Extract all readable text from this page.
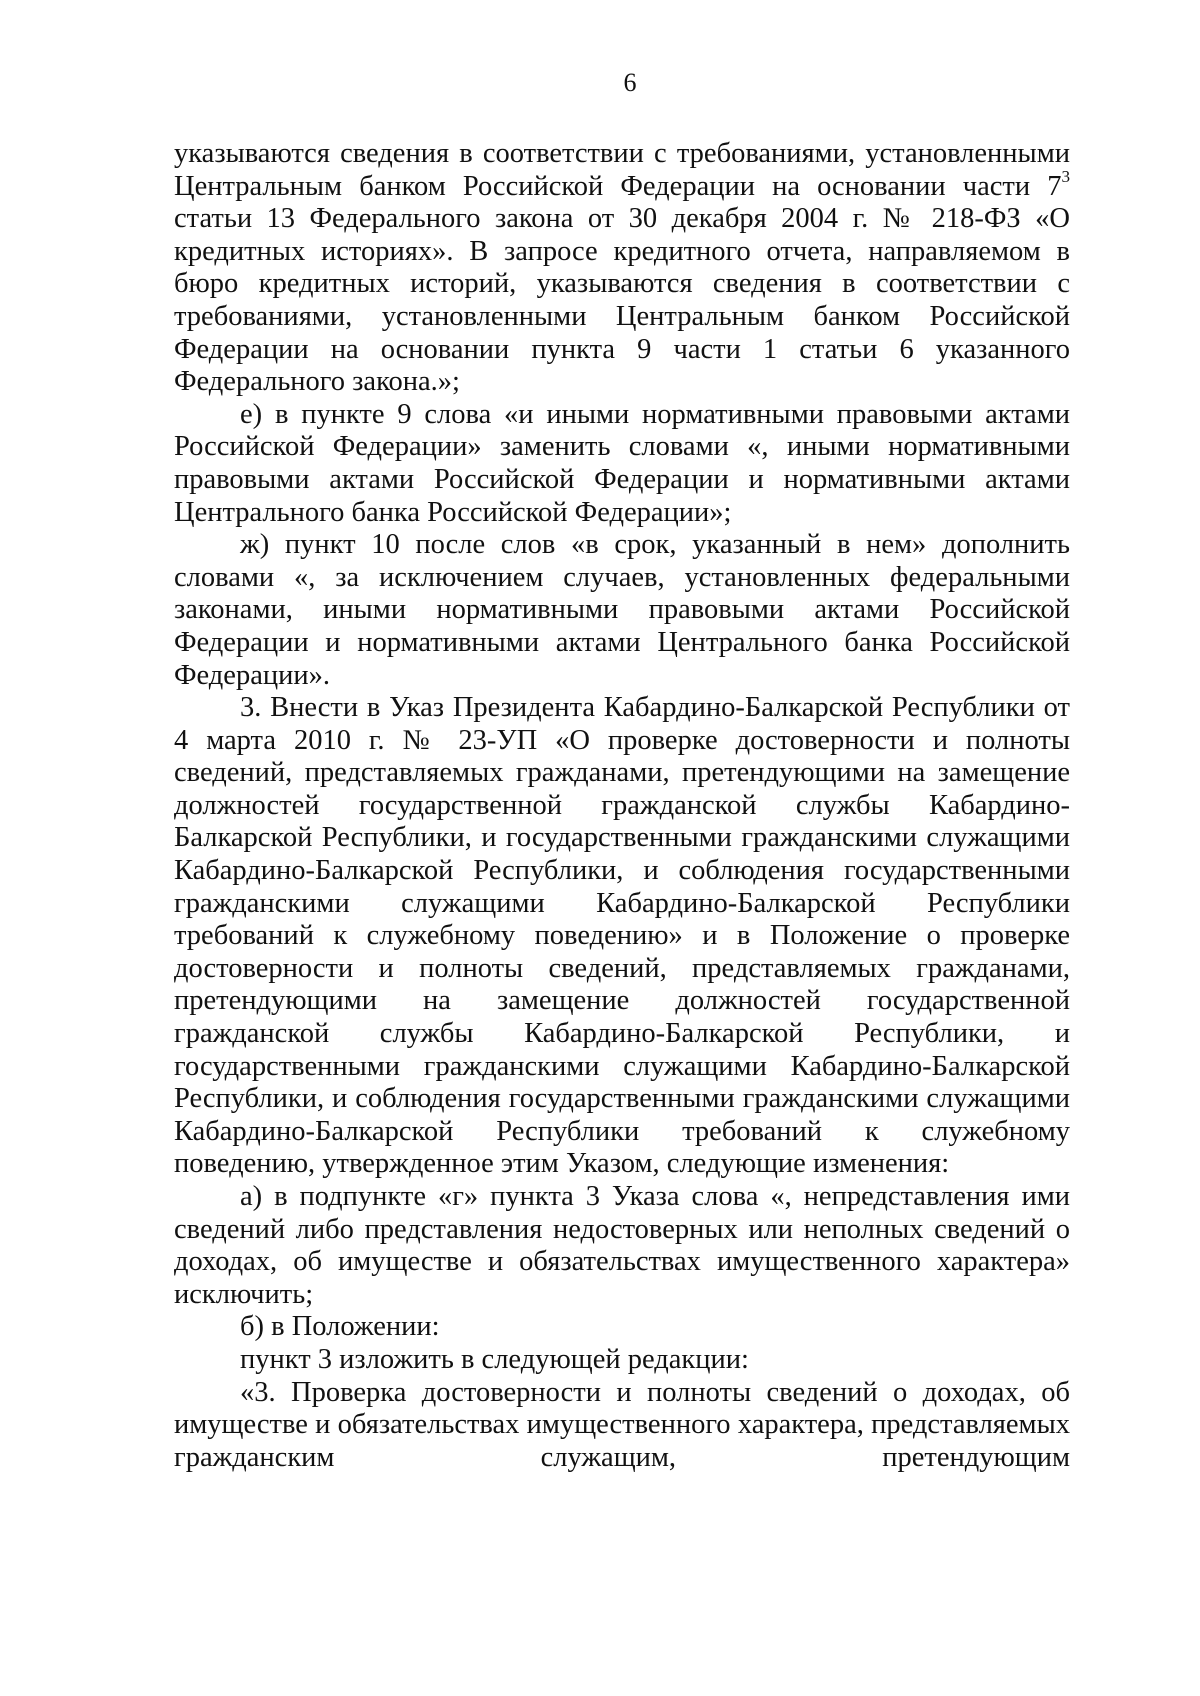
6

указываются сведения в соответствии с требованиями, установленными Центральным банком Российской Федерации на основании части $7^3$ статьи 13 Федерального закона от 30 декабря 2004 г. № 218-ФЗ «О кредитных историях». В запросе кредитного отчета, направляемом в бюро кредитных историй, указываются сведения в соответствии с требованиями, установленными Центральным банком Российской Федерации на основании пункта 9 части 1 статьи 6 указанного Федерального закона.»;

е) в пункте 9 слова «и иными нормативными правовыми актами Российской Федерации» заменить словами «, иными нормативными правовыми актами Российской Федерации и нормативными актами Центрального банка Российской Федерации»;

ж) пункт 10 после слов «в срок, указанный в нем» дополнить словами «, за исключением случаев, установленных федеральными законами, иными нормативными правовыми актами Российской Федерации и нормативными актами Центрального банка Российской Федерации».

3. Внести в Указ Президента Кабардино-Балкарской Республики от 4 марта 2010 г. № 23-УП «О проверке достоверности и полноты сведений, представляемых гражданами, претендующими на замещение должностей государственной гражданской службы Кабардино-Балкарской Республики, и государственными гражданскими служащими Кабардино-Балкарской Республики, и соблюдения государственными гражданскими служащими Кабардино-Балкарской Республики требований к служебному поведению» и в Положение о проверке достоверности и полноты сведений, представляемых гражданами, претендующими на замещение должностей государственной гражданской службы Кабардино-Балкарской Республики, и государственными гражданскими служащими Кабардино-Балкарской Республики, и соблюдения государственными гражданскими служащими Кабардино-Балкарской Республики требований к служебному поведению, утвержденное этим Указом, следующие изменения:

а) в подпункте «г» пункта 3 Указа слова «, непредставления ими сведений либо представления недостоверных или неполных сведений о доходах, об имуществе и обязательствах имущественного характера» исключить;

б) в Положении:

пункт 3 изложить в следующей редакции:

«3. Проверка достоверности и полноты сведений о доходах, об имуществе и обязательствах имущественного характера, представляемых гражданским служащим, претендующим
